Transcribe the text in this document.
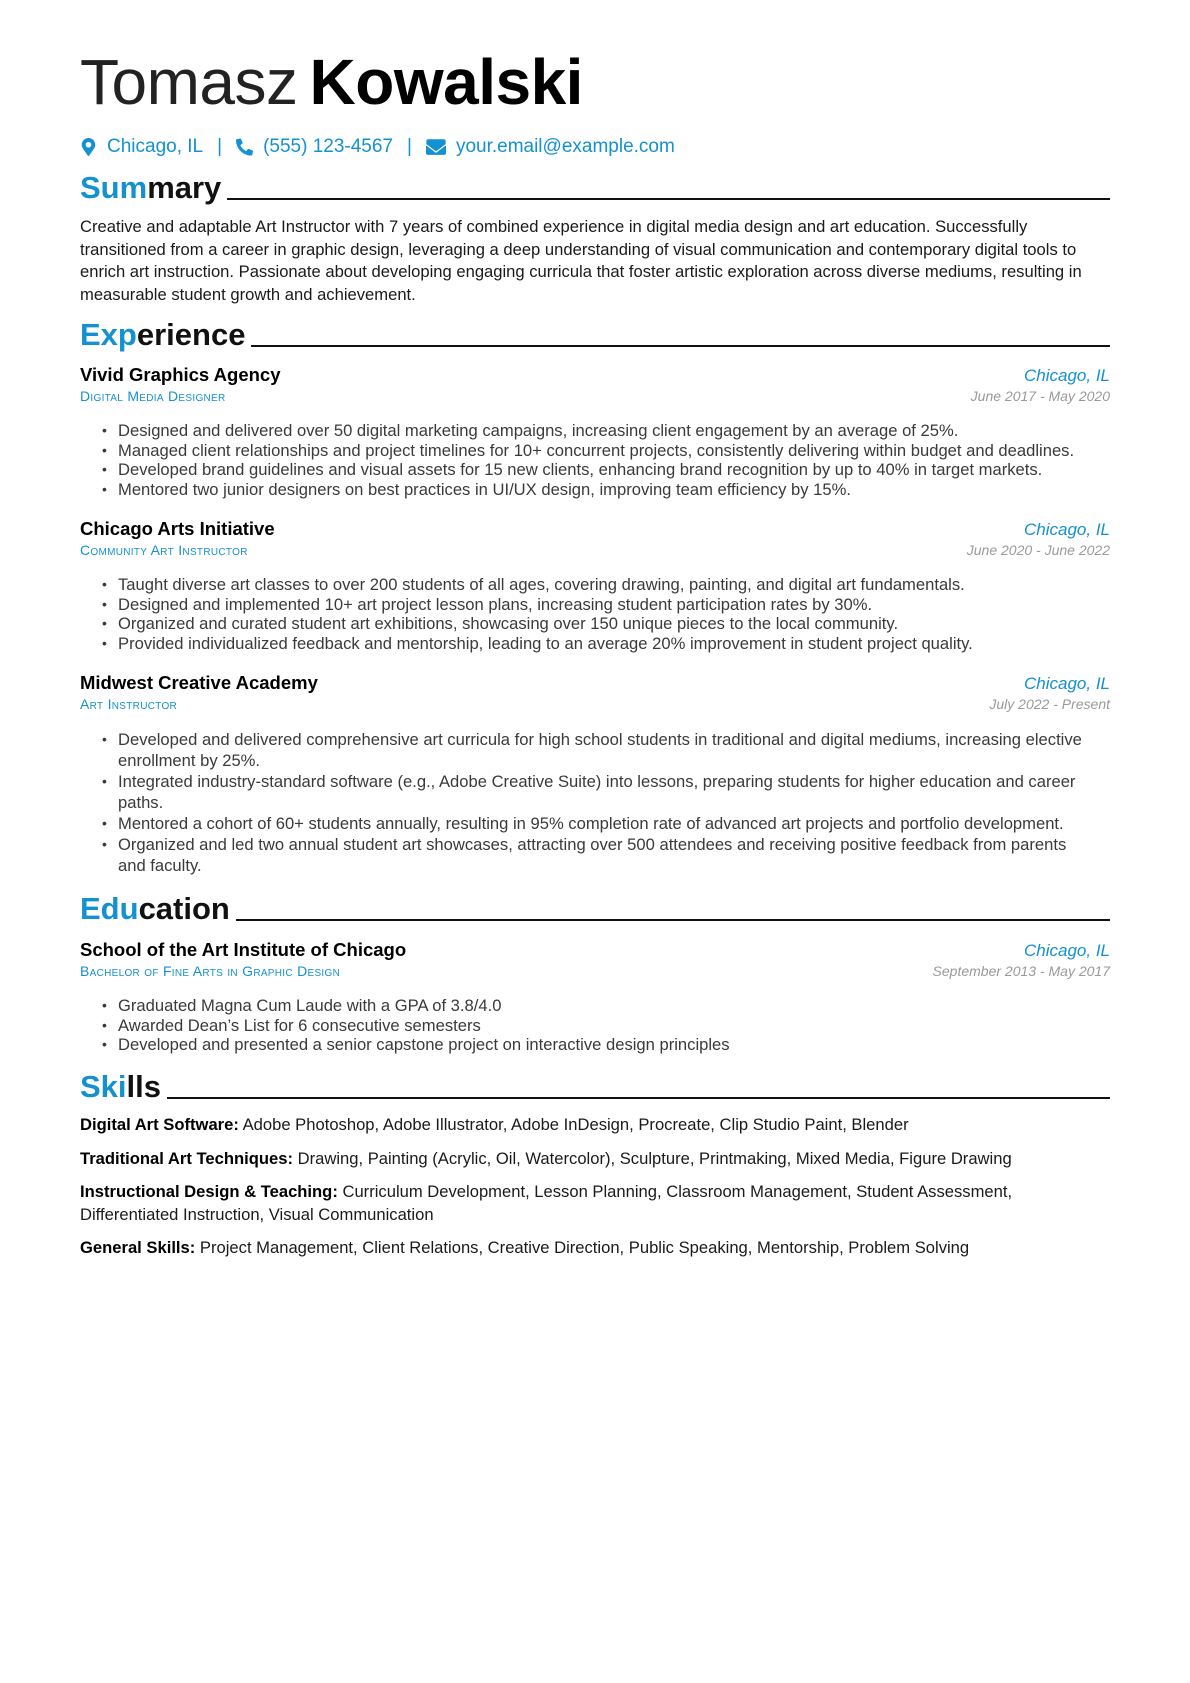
Tomasz Kowalski
Chicago, IL | (555) 123-4567 | your.email@example.com
Summary
Creative and adaptable Art Instructor with 7 years of combined experience in digital media design and art education. Successfully transitioned from a career in graphic design, leveraging a deep understanding of visual communication and contemporary digital tools to enrich art instruction. Passionate about developing engaging curricula that foster artistic exploration across diverse mediums, resulting in measurable student growth and achievement.
Experience
Vivid Graphics Agency	Chicago, IL
Digital Media Designer	June 2017 - May 2020
• Designed and delivered over 50 digital marketing campaigns, increasing client engagement by an average of 25%.
• Managed client relationships and project timelines for 10+ concurrent projects, consistently delivering within budget and deadlines.
• Developed brand guidelines and visual assets for 15 new clients, enhancing brand recognition by up to 40% in target markets.
• Mentored two junior designers on best practices in UI/UX design, improving team efficiency by 15%.
Chicago Arts Initiative	Chicago, IL
Community Art Instructor	June 2020 - June 2022
• Taught diverse art classes to over 200 students of all ages, covering drawing, painting, and digital art fundamentals.
• Designed and implemented 10+ art project lesson plans, increasing student participation rates by 30%.
• Organized and curated student art exhibitions, showcasing over 150 unique pieces to the local community.
• Provided individualized feedback and mentorship, leading to an average 20% improvement in student project quality.
Midwest Creative Academy	Chicago, IL
Art Instructor	July 2022 - Present
• Developed and delivered comprehensive art curricula for high school students in traditional and digital mediums, increasing elective enrollment by 25%.
• Integrated industry-standard software (e.g., Adobe Creative Suite) into lessons, preparing students for higher education and career paths.
• Mentored a cohort of 60+ students annually, resulting in 95% completion rate of advanced art projects and portfolio development.
• Organized and led two annual student art showcases, attracting over 500 attendees and receiving positive feedback from parents and faculty.
Education
School of the Art Institute of Chicago	Chicago, IL
Bachelor of Fine Arts in Graphic Design	September 2013 - May 2017
• Graduated Magna Cum Laude with a GPA of 3.8/4.0
• Awarded Dean’s List for 6 consecutive semesters
• Developed and presented a senior capstone project on interactive design principles
Skills
Digital Art Software: Adobe Photoshop, Adobe Illustrator, Adobe InDesign, Procreate, Clip Studio Paint, Blender
Traditional Art Techniques: Drawing, Painting (Acrylic, Oil, Watercolor), Sculpture, Printmaking, Mixed Media, Figure Drawing
Instructional Design & Teaching: Curriculum Development, Lesson Planning, Classroom Management, Student Assessment, Differentiated Instruction, Visual Communication
General Skills: Project Management, Client Relations, Creative Direction, Public Speaking, Mentorship, Problem Solving
